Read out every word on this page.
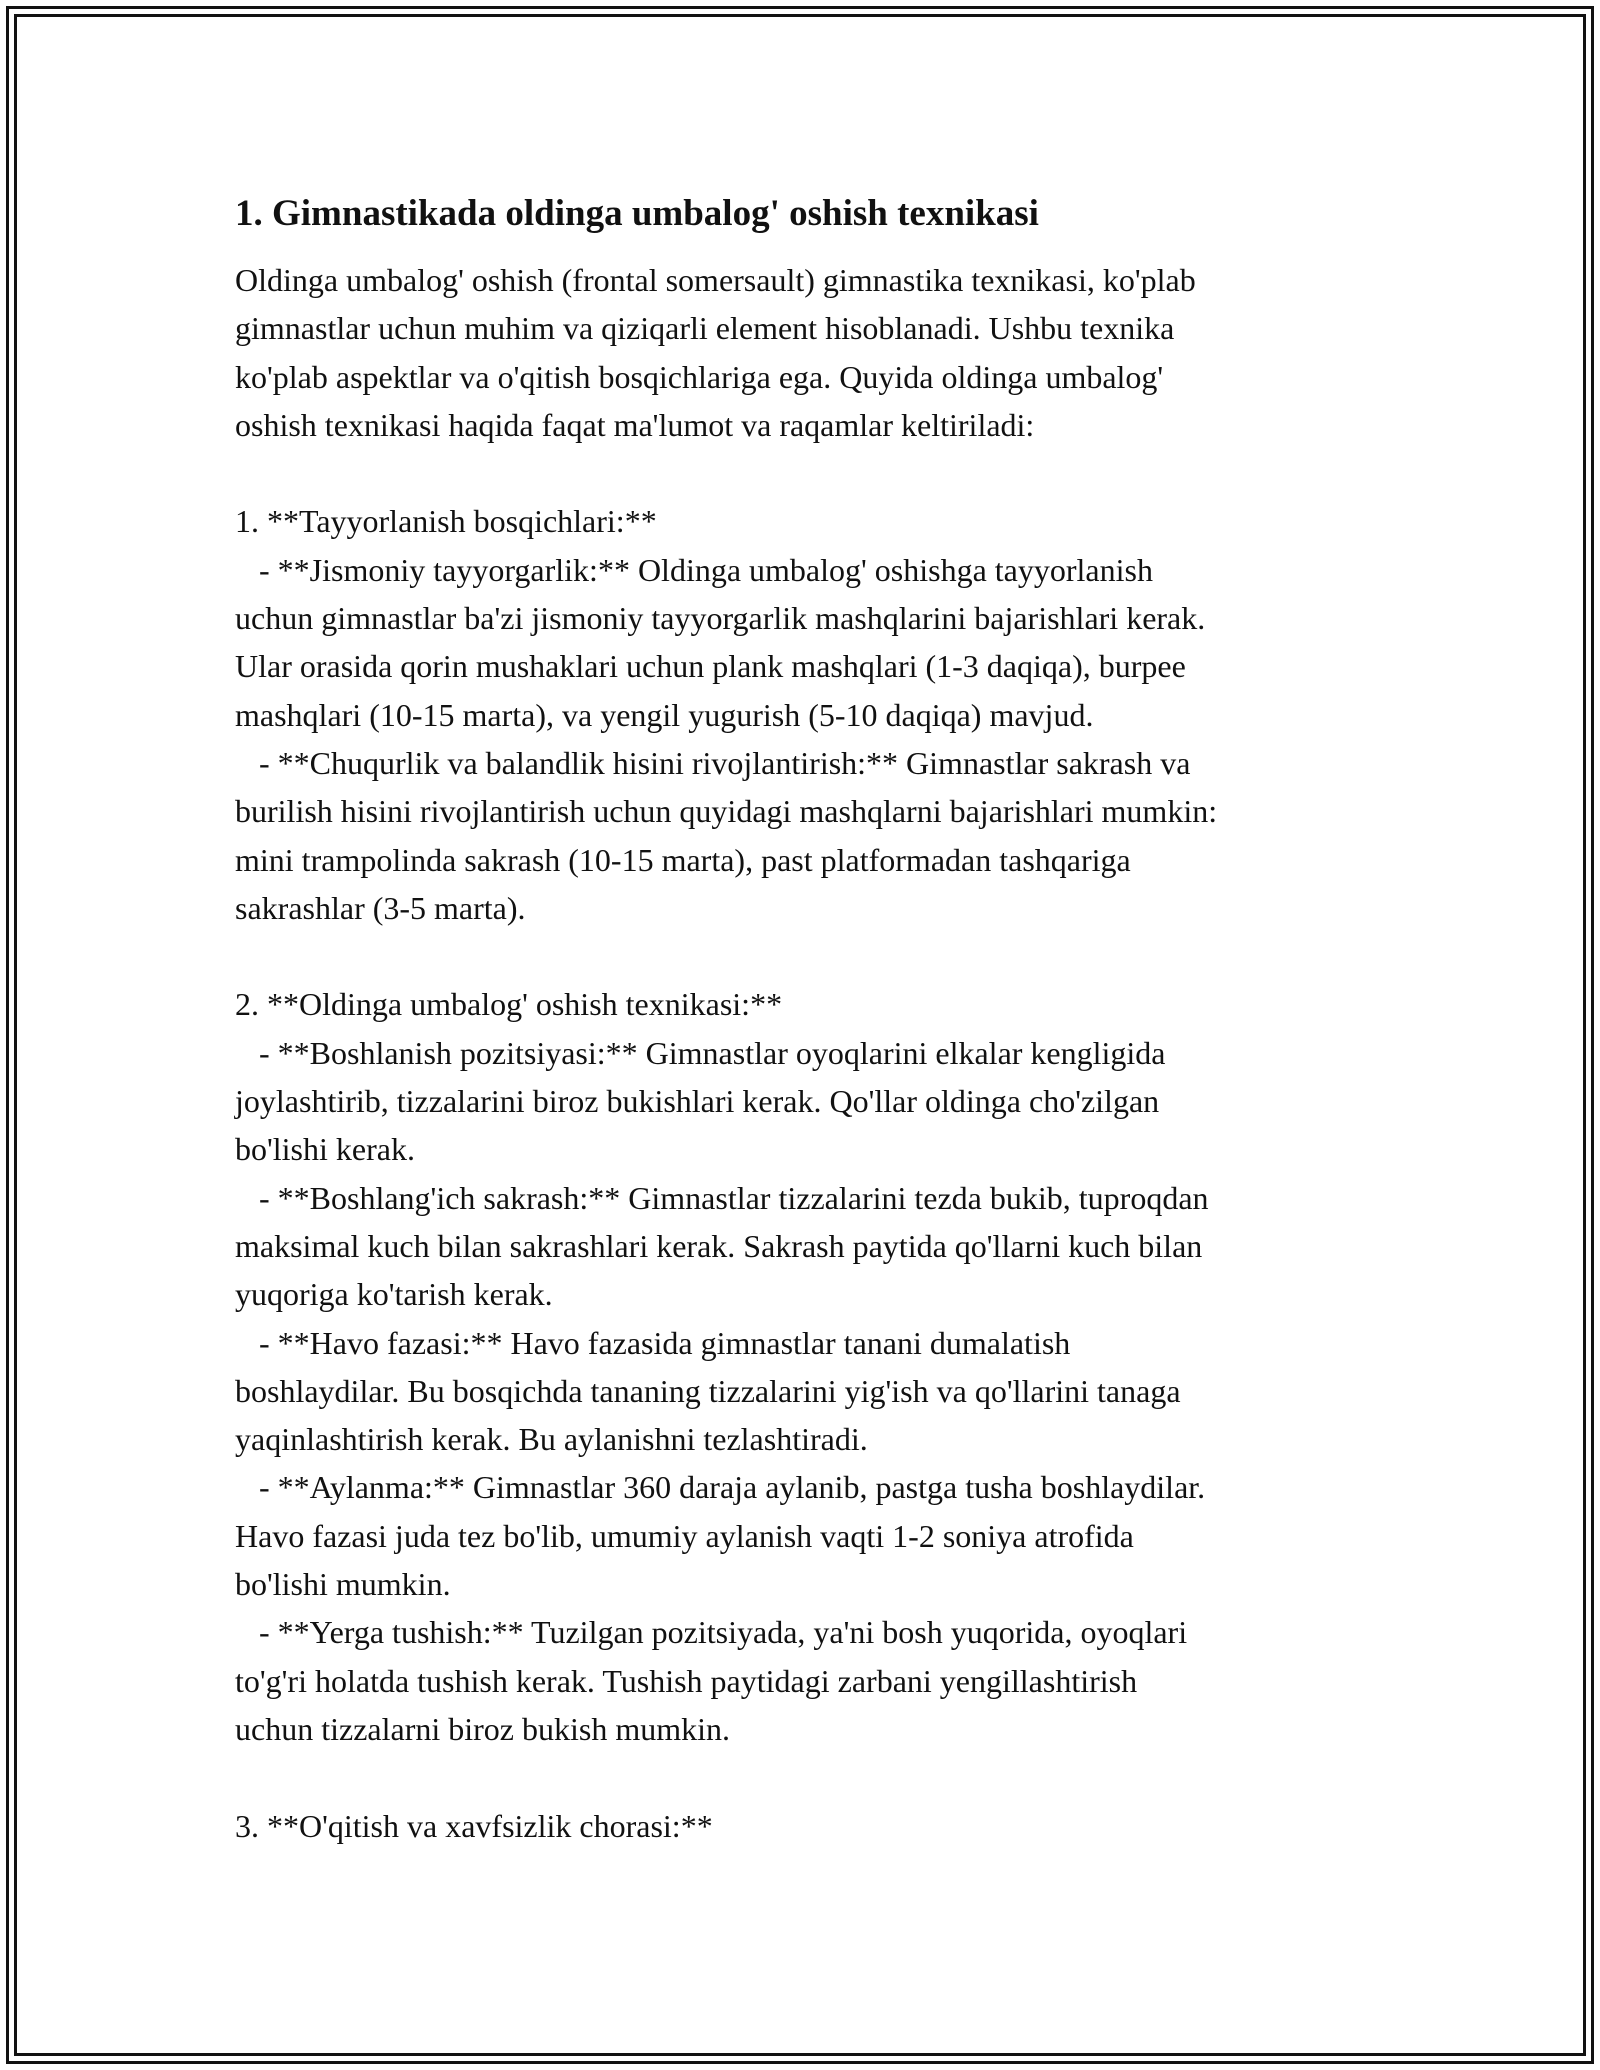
1. Gimnastikada oldinga umbalog' oshish texnikasi
Oldinga umbalog' oshish (frontal somersault) gimnastika texnikasi, ko'plab
gimnastlar uchun muhim va qiziqarli element hisoblanadi. Ushbu texnika
ko'plab aspektlar va o'qitish bosqichlariga ega. Quyida oldinga umbalog'
oshish texnikasi haqida faqat ma'lumot va raqamlar keltiriladi:
1. **Tayyorlanish bosqichlari:**
- **Jismoniy tayyorgarlik:** Oldinga umbalog' oshishga tayyorlanish
uchun gimnastlar ba'zi jismoniy tayyorgarlik mashqlarini bajarishlari kerak.
Ular orasida qorin mushaklari uchun plank mashqlari (1-3 daqiqa), burpee
mashqlari (10-15 marta), va yengil yugurish (5-10 daqiqa) mavjud.
- **Chuqurlik va balandlik hisini rivojlantirish:** Gimnastlar sakrash va
burilish hisini rivojlantirish uchun quyidagi mashqlarni bajarishlari mumkin:
mini trampolinda sakrash (10-15 marta), past platformadan tashqariga
sakrashlar (3-5 marta).
2. **Oldinga umbalog' oshish texnikasi:**
- **Boshlanish pozitsiyasi:** Gimnastlar oyoqlarini elkalar kengligida
joylashtirib, tizzalarini biroz bukishlari kerak. Qo'llar oldinga cho'zilgan
bo'lishi kerak.
- **Boshlang'ich sakrash:** Gimnastlar tizzalarini tezda bukib, tuproqdan
maksimal kuch bilan sakrashlari kerak. Sakrash paytida qo'llarni kuch bilan
yuqoriga ko'tarish kerak.
- **Havo fazasi:** Havo fazasida gimnastlar tanani dumalatish
boshlaydilar. Bu bosqichda tananing tizzalarini yig'ish va qo'llarini tanaga
yaqinlashtirish kerak. Bu aylanishni tezlashtiradi.
- **Aylanma:** Gimnastlar 360 daraja aylanib, pastga tusha boshlaydilar.
Havo fazasi juda tez bo'lib, umumiy aylanish vaqti 1-2 soniya atrofida
bo'lishi mumkin.
- **Yerga tushish:** Tuzilgan pozitsiyada, ya'ni bosh yuqorida, oyoqlari
to'g'ri holatda tushish kerak. Tushish paytidagi zarbani yengillashtirish
uchun tizzalarni biroz bukish mumkin.
3. **O'qitish va xavfsizlik chorasi:**
